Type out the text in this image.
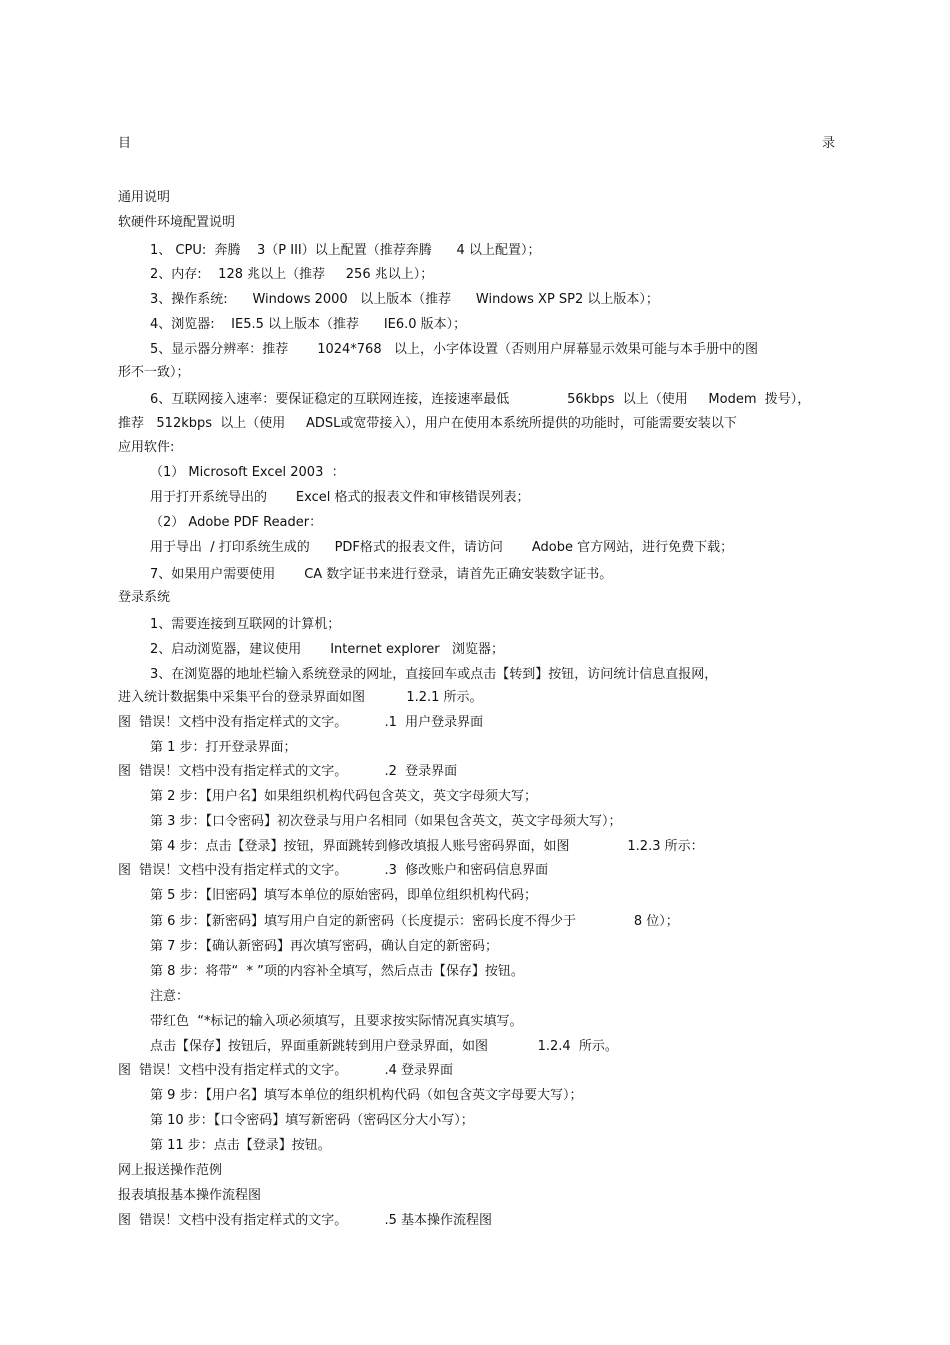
目	录
通用说明
软硬件环境配置说明
1、 CPU:  奔腾    3（P III）以上配置（推荐奔腾      4 以上配置）；
2、内存:    128 兆以上（推荐     256 兆以上）；
3、操作系统:      Windows 2000   以上版本（推荐      Windows XP SP2 以上版本）；
4、浏览器:    IE5.5 以上版本（推荐      IE6.0 版本）；
5、显示器分辨率：推荐       1024*768   以上，小字体设置（否则用户屏幕显示效果可能与本手册中的图
形不一致）；
6、互联网接入速率：要保证稳定的互联网连接，连接速率最低              56kbps  以上（使用     Modem  拨号），
推荐   512kbps  以上（使用     ADSL或宽带接入），用户在使用本系统所提供的功能时，可能需要安装以下
应用软件:
（1） Microsoft Excel 2003  ：
用于打开系统导出的       Excel 格式的报表文件和审核错误列表；
（2） Adobe PDF Reader：
用于导出  / 打印系统生成的      PDF格式的报表文件，请访问       Adobe 官方网站，进行免费下载；
7、如果用户需要使用       CA 数字证书来进行登录，请首先正确安装数字证书。
登录系统
1、需要连接到互联网的计算机；
2、启动浏览器，建议使用       Internet explorer   浏览器；
3、在浏览器的地址栏输入系统登录的网址，直接回车或点击【转到】按钮，访问统计信息直报网，
进入统计数据集中采集平台的登录界面如图          1.2.1 所示。
图  错误！文档中没有指定样式的文字。         .1  用户登录界面
第 1 步：打开登录界面；
图  错误！文档中没有指定样式的文字。         .2  登录界面
第 2 步：【用户名】如果组织机构代码包含英文，英文字母须大写；
第 3 步：【口令密码】初次登录与用户名相同（如果包含英文，英文字母须大写）；
第 4 步：点击【登录】按钮，界面跳转到修改填报人账号密码界面，如图              1.2.3 所示：
图  错误！文档中没有指定样式的文字。         .3  修改账户和密码信息界面
第 5 步：【旧密码】填写本单位的原始密码，即单位组织机构代码；
第 6 步：【新密码】填写用户自定的新密码（长度提示：密码长度不得少于              8 位）；
第 7 步：【确认新密码】再次填写密码，确认自定的新密码；
第 8 步：将带“  * ”项的内容补全填写，然后点击【保存】按钮。
注意：
带红色  “*标记的输入项必须填写，且要求按实际情况真实填写。
点击【保存】按钮后，界面重新跳转到用户登录界面，如图            1.2.4  所示。
图  错误！文档中没有指定样式的文字。         .4 登录界面
第 9 步：【用户名】填写本单位的组织机构代码（如包含英文字母要大写）；
第 10 步：【口令密码】填写新密码（密码区分大小写）；
第 11 步：点击【登录】按钮。
网上报送操作范例
报表填报基本操作流程图
图  错误！文档中没有指定样式的文字。         .5 基本操作流程图
